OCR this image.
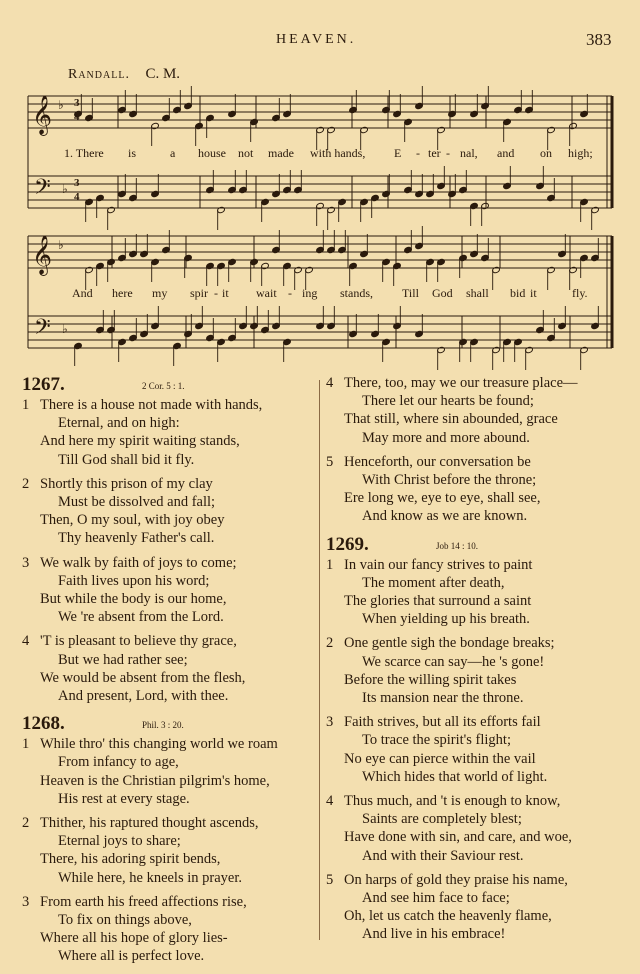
HEAVEN.	383
Randall. C. M.
𝄞
𝄢
♭
♭
𝄞
𝄢
♭
♭
3
4
3
4
1. There is	a house not made with hands, E - ter - nal, and on high;
And here my spir - it wait - ing stands, Till God shall bid it	fly.
1267.	2 Cor. 5 : 1.
1 There is a house not made with hands,
Eternal, and on high:
And here my spirit waiting stands,
Till God shall bid it fly.
2 Shortly this prison of my clay
Must be dissolved and fall;
Then, O my soul, with joy obey
Thy heavenly Father's call.
3 We walk by faith of joys to come;
Faith lives upon his word;
But while the body is our home,
We 're absent from the Lord.
4 'T is pleasant to believe thy grace,
But we had rather see;
We would be absent from the flesh,
And present, Lord, with thee.
1268.	Phil. 3 : 20.
1 While thro' this changing world we roam
From infancy to age,
Heaven is the Christian pilgrim's home,
His rest at every stage.
2 Thither, his raptured thought ascends,
Eternal joys to share;
There, his adoring spirit bends,
While here, he kneels in prayer.
3 From earth his freed affections rise,
To fix on things above,
Where all his hope of glory lies-
Where all is perfect love.
4 There, too, may we our treasure place—
There let our hearts be found;
That still, where sin abounded, grace
May more and more abound.
5 Henceforth, our conversation be
With Christ before the throne;
Ere long we, eye to eye, shall see,
And know as we are known.
1269.	Job 14 : 10.
1 In vain our fancy strives to paint
The moment after death,
The glories that surround a saint
When yielding up his breath.
2 One gentle sigh the bondage breaks;
We scarce can say—he 's gone!
Before the willing spirit takes
Its mansion near the throne.
3 Faith strives, but all its efforts fail
To trace the spirit's flight;
No eye can pierce within the vail
Which hides that world of light.
4 Thus much, and 't is enough to know,
Saints are completely blest;
Have done with sin, and care, and woe,
And with their Saviour rest.
5 On harps of gold they praise his name,
And see him face to face;
Oh, let us catch the heavenly flame,
And live in his embrace!
